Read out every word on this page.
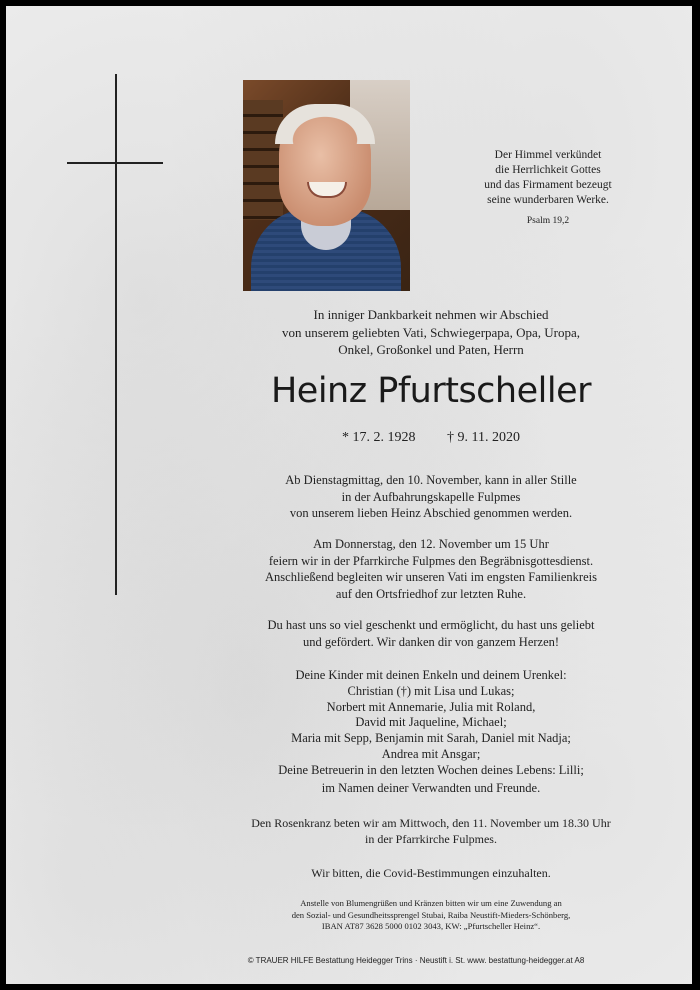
Der Himmel verkündet
die Herrlichkeit Gottes
und das Firmament bezeugt
seine wunderbaren Werke.
Psalm 19,2
In inniger Dankbarkeit nehmen wir Abschied
von unserem geliebten Vati, Schwiegerpapa, Opa, Uropa,
Onkel, Großonkel und Paten, Herrn
Heinz Pfurtscheller
* 17. 2. 1928 † 9. 11. 2020
Ab Dienstagmittag, den 10. November, kann in aller Stille
in der Aufbahrungskapelle Fulpmes
von unserem lieben Heinz Abschied genommen werden.
Am Donnerstag, den 12. November um 15 Uhr
feiern wir in der Pfarrkirche Fulpmes den Begräbnisgottesdienst.
Anschließend begleiten wir unseren Vati im engsten Familienkreis
auf den Ortsfriedhof zur letzten Ruhe.
Du hast uns so viel geschenkt und ermöglicht, du hast uns geliebt
und gefördert. Wir danken dir von ganzem Herzen!
Deine Kinder mit deinen Enkeln und deinem Urenkel:
Christian (†) mit Lisa und Lukas;
Norbert mit Annemarie, Julia mit Roland,
David mit Jaqueline, Michael;
Maria mit Sepp, Benjamin mit Sarah, Daniel mit Nadja;
Andrea mit Ansgar;
Deine Betreuerin in den letzten Wochen deines Lebens: Lilli;
im Namen deiner Verwandten und Freunde.
Den Rosenkranz beten wir am Mittwoch, den 11. November um 18.30 Uhr
in der Pfarrkirche Fulpmes.
Wir bitten, die Covid-Bestimmungen einzuhalten.
Anstelle von Blumengrüßen und Kränzen bitten wir um eine Zuwendung an
den Sozial- und Gesundheitssprengel Stubai, Raiba Neustift-Mieders-Schönberg,
IBAN AT87 3628 5000 0102 3043, KW: „Pfurtscheller Heinz“.
© TRAUER HILFE Bestattung Heidegger Trins · Neustift i. St. www. bestattung-heidegger.at A8
